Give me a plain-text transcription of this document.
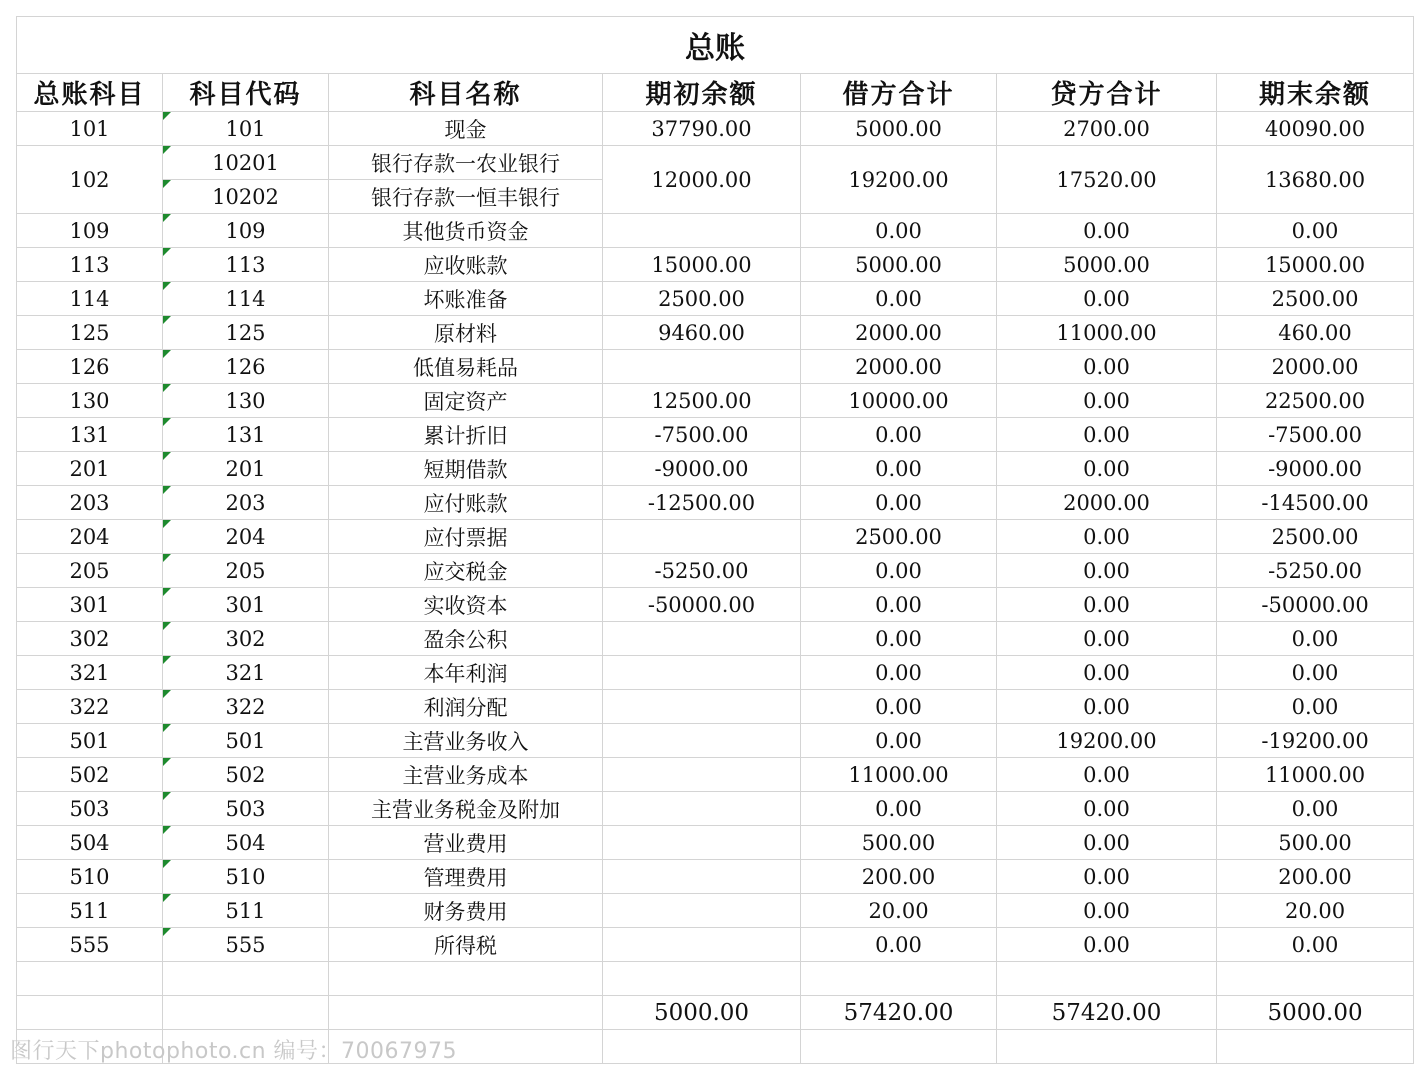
总账						
总账科目	科目代码	科目名称	期初余额	借方合计	贷方合计	期末余额
101	101	现金	37790.00	5000.00	2700.00	40090.00
102	10201	银行存款一农业银行	12000.00	19200.00	17520.00	13680.00
	10202	银行存款一恒丰银行				
109	109	其他货币资金		0.00	0.00	0.00
113	113	应收账款	15000.00	5000.00	5000.00	15000.00
114	114	坏账准备	2500.00	0.00	0.00	2500.00
125	125	原材料	9460.00	2000.00	11000.00	460.00
126	126	低值易耗品		2000.00	0.00	2000.00
130	130	固定资产	12500.00	10000.00	0.00	22500.00
131	131	累计折旧	-7500.00	0.00	0.00	-7500.00
201	201	短期借款	-9000.00	0.00	0.00	-9000.00
203	203	应付账款	-12500.00	0.00	2000.00	-14500.00
204	204	应付票据		2500.00	0.00	2500.00
205	205	应交税金	-5250.00	0.00	0.00	-5250.00
301	301	实收资本	-50000.00	0.00	0.00	-50000.00
302	302	盈余公积		0.00	0.00	0.00
321	321	本年利润		0.00	0.00	0.00
322	322	利润分配		0.00	0.00	0.00
501	501	主营业务收入		0.00	19200.00	-19200.00
502	502	主营业务成本		11000.00	0.00	11000.00
503	503	主营业务税金及附加		0.00	0.00	0.00
504	504	营业费用		500.00	0.00	500.00
510	510	管理费用		200.00	0.00	200.00
511	511	财务费用		20.00	0.00	20.00
555	555	所得税		0.00	0.00	0.00

			5000.00	57420.00	57420.00	5000.00

图行天下photophoto.cn 编号：70067975
